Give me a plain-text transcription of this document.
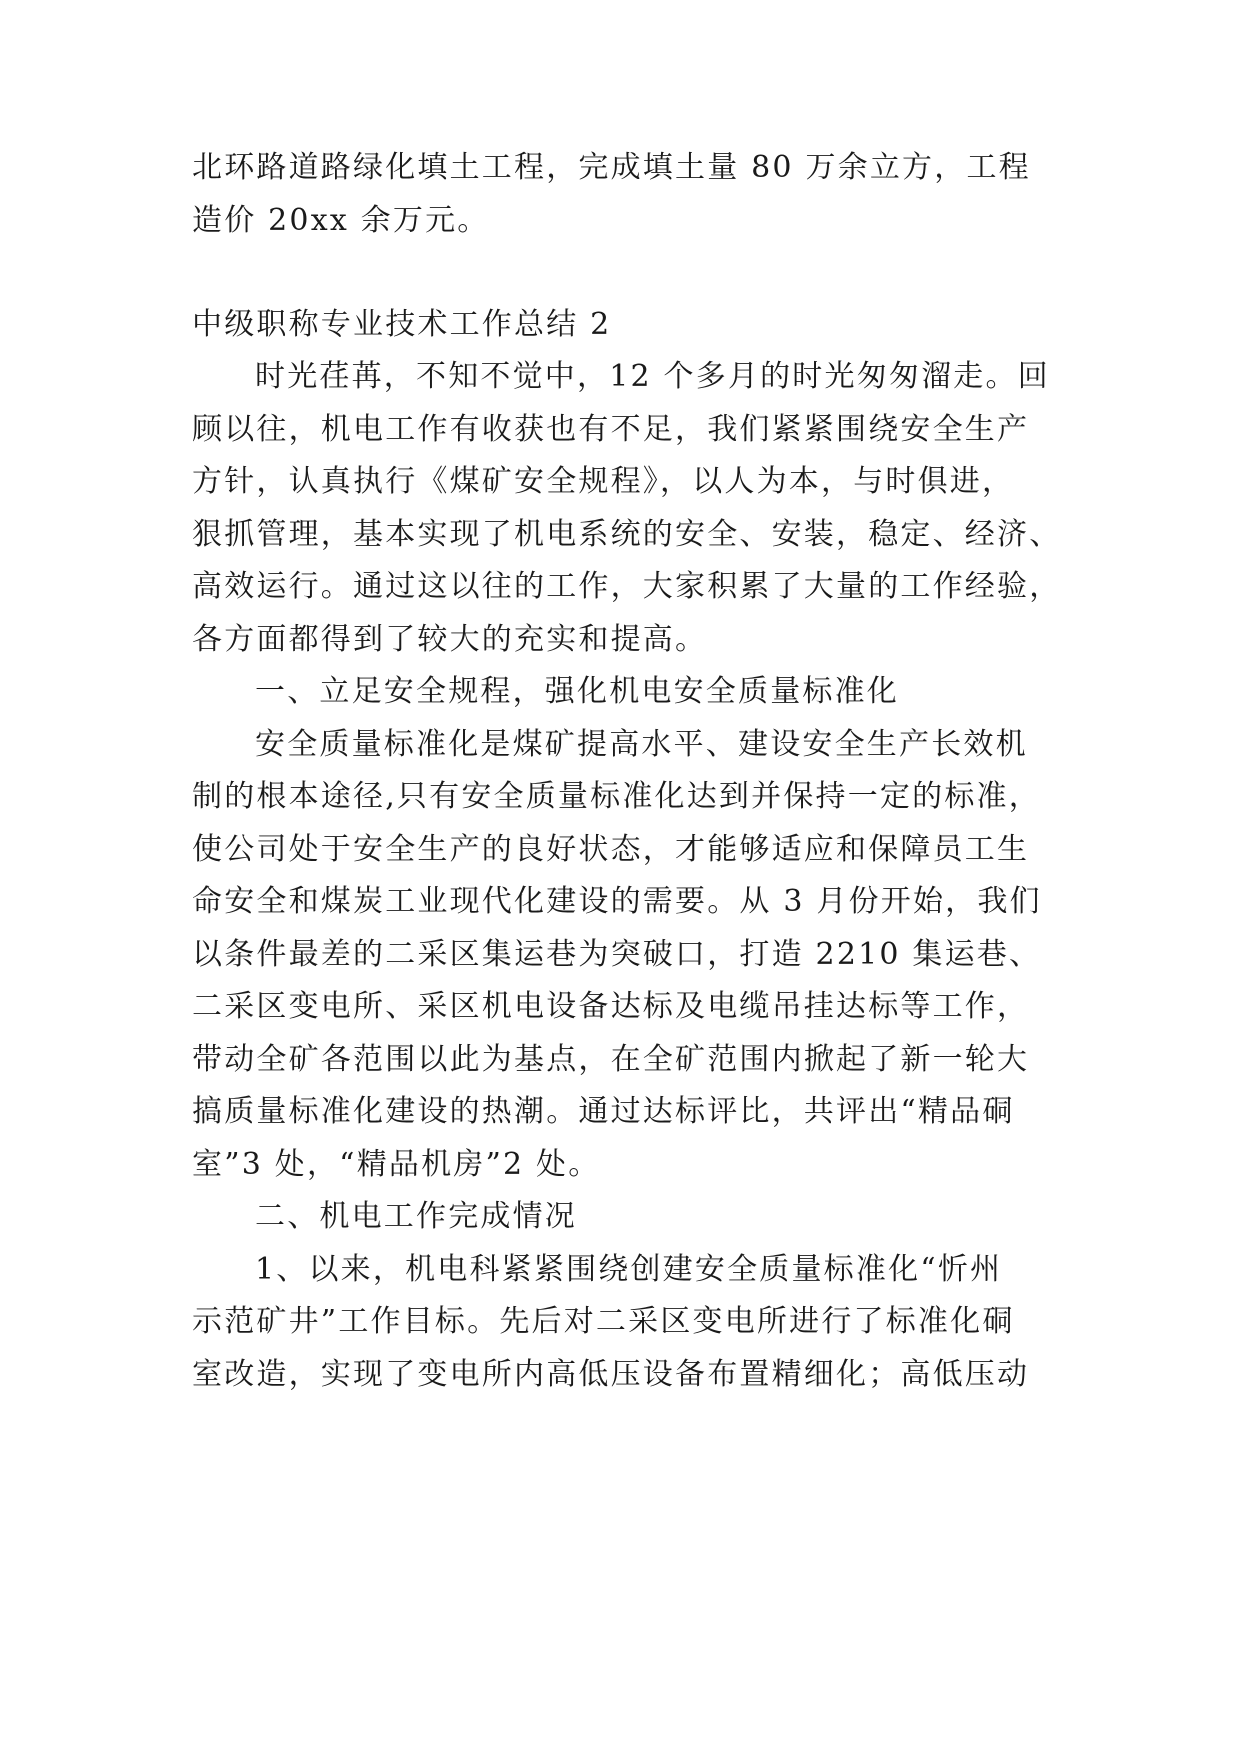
北环路道路绿化填土工程，完成填土量 80 万余立方，工程
造价 20xx 余万元。
中级职称专业技术工作总结 2
时光荏苒，不知不觉中，12 个多月的时光匆匆溜走。回
顾以往，机电工作有收获也有不足，我们紧紧围绕安全生产
方针，认真执行《煤矿安全规程》，以人为本，与时俱进，
狠抓管理，基本实现了机电系统的安全、安装，稳定、经济、
高效运行。通过这以往的工作，大家积累了大量的工作经验，
各方面都得到了较大的充实和提高。
一、立足安全规程，强化机电安全质量标准化
安全质量标准化是煤矿提高水平、建设安全生产长效机
制的根本途径,只有安全质量标准化达到并保持一定的标准，
使公司处于安全生产的良好状态，才能够适应和保障员工生
命安全和煤炭工业现代化建设的需要。从 3 月份开始，我们
以条件最差的二采区集运巷为突破口，打造 2210 集运巷、
二采区变电所、采区机电设备达标及电缆吊挂达标等工作，
带动全矿各范围以此为基点，在全矿范围内掀起了新一轮大
搞质量标准化建设的热潮。通过达标评比，共评出“精品硐
室”3 处，“精品机房”2 处。
二、机电工作完成情况
1、以来，机电科紧紧围绕创建安全质量标准化“忻州
示范矿井”工作目标。先后对二采区变电所进行了标准化硐
室改造，实现了变电所内高低压设备布置精细化；高低压动
